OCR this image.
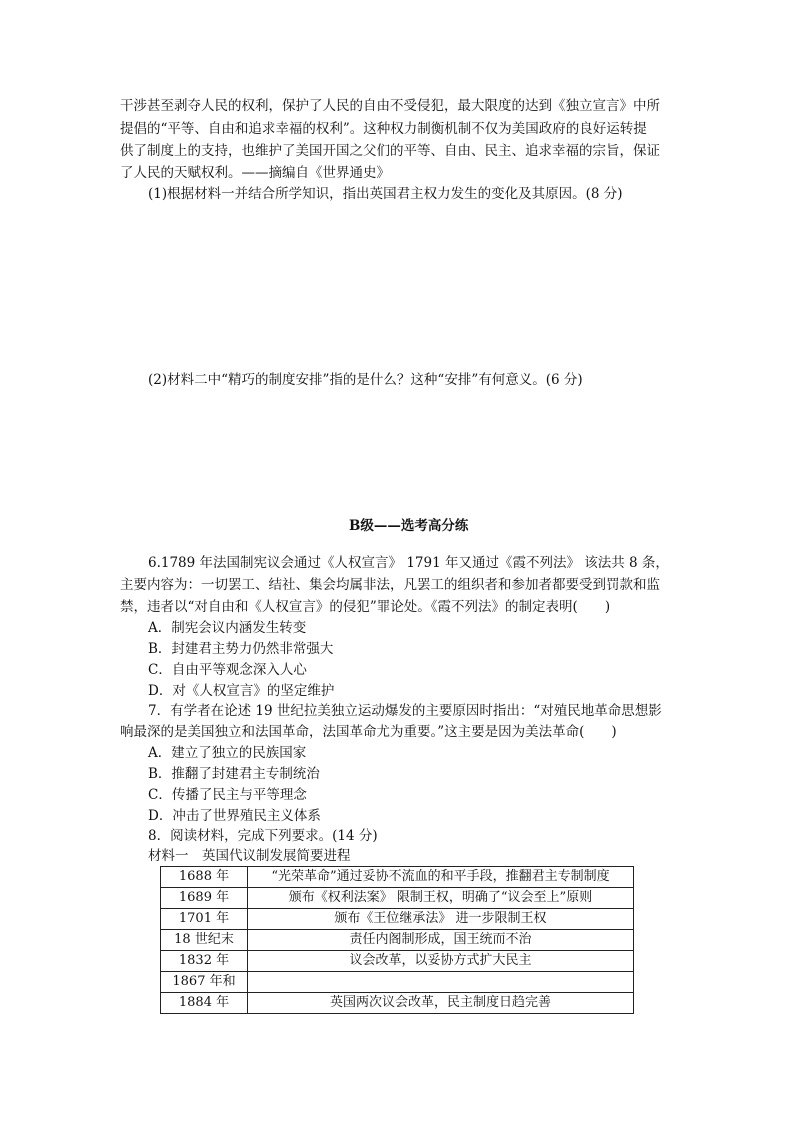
干涉甚至剥夺人民的权利，保护了人民的自由不受侵犯，最大限度的达到《独立宣言》中所
提倡的“平等、自由和追求幸福的权利”。这种权力制衡机制不仅为美国政府的良好运转提
供了制度上的支持，也维护了美国开国之父们的平等、自由、民主、追求幸福的宗旨，保证
了人民的天赋权利。——摘编自《世界通史》
(1)根据材料一并结合所学知识，指出英国君主权力发生的变化及其原因。(8 分)
(2)材料二中“精巧的制度安排”指的是什么？这种“安排”有何意义。(6 分)
B级——选考高分练
6.1789 年法国制宪议会通过《人权宣言》 1791 年又通过《霞不列法》 该法共 8 条，
主要内容为：一切罢工、结社、集会均属非法，凡罢工的组织者和参加者都要受到罚款和监
禁，违者以“对自由和《人权宣言》的侵犯”罪论处。《霞不列法》的制定表明(　　)
A．制宪会议内涵发生转变
B．封建君主势力仍然非常强大
C．自由平等观念深入人心
D．对《人权宣言》的坚定维护
7．有学者在论述 19 世纪拉美独立运动爆发的主要原因时指出：“对殖民地革命思想影
响最深的是美国独立和法国革命，法国革命尤为重要。”这主要是因为美法革命(　　)
A．建立了独立的民族国家
B．推翻了封建君主专制统治
C．传播了民主与平等理念
D．冲击了世界殖民主义体系
8．阅读材料，完成下列要求。(14 分)
材料一　英国代议制发展简要进程
1688 年	“光荣革命”通过妥协不流血的和平手段，推翻君主专制制度
1689 年	颁布《权利法案》 限制王权，明确了“议会至上”原则
1701 年	颁布《王位继承法》 进一步限制王权
18 世纪末	责任内阁制形成，国王统而不治
1832 年	议会改革，以妥协方式扩大民主
1867 年和	
1884 年	英国两次议会改革，民主制度日趋完善
